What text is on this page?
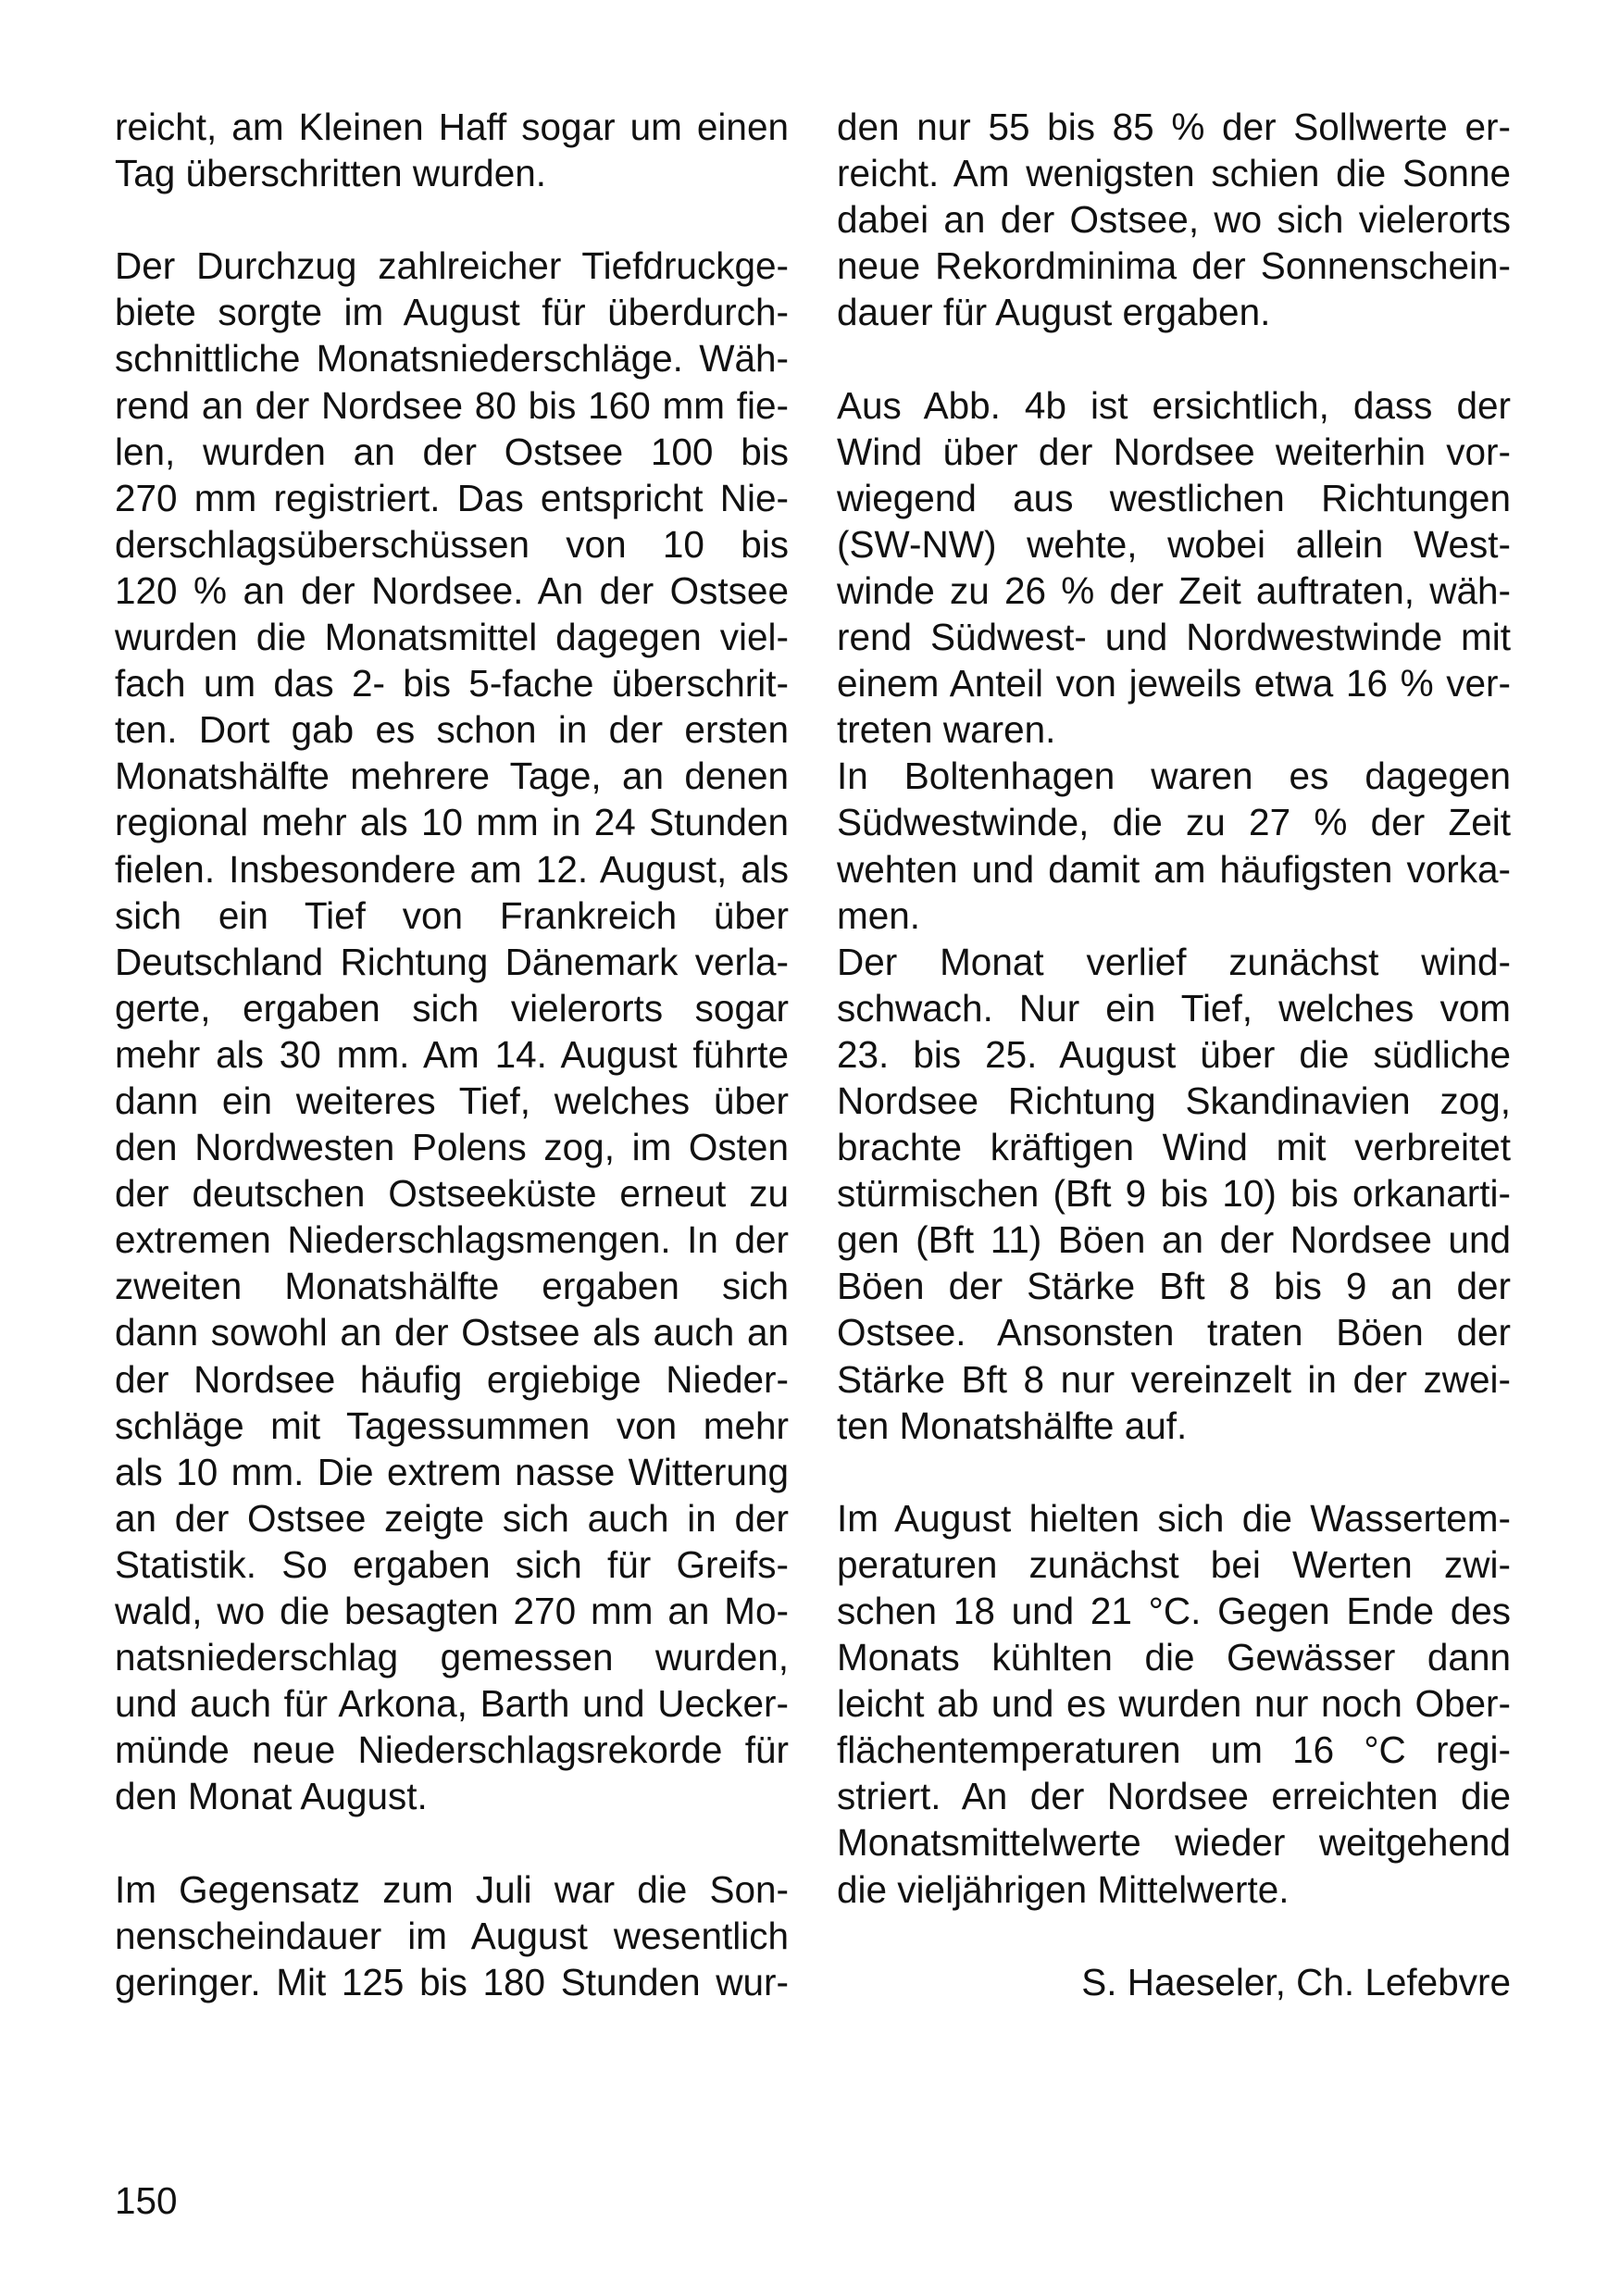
reicht, am Kleinen Haff sogar um einen
Tag überschritten wurden.
Der Durchzug zahlreicher Tiefdruckge-
biete sorgte im August für überdurch-
schnittliche Monatsniederschläge. Wäh-
rend an der Nordsee 80 bis 160 mm fie-
len, wurden an der Ostsee 100 bis
270 mm registriert. Das entspricht Nie-
derschlagsüberschüssen von 10 bis
120 % an der Nordsee. An der Ostsee
wurden die Monatsmittel dagegen viel-
fach um das 2- bis 5-fache überschrit-
ten. Dort gab es schon in der ersten
Monatshälfte mehrere Tage, an denen
regional mehr als 10 mm in 24 Stunden
fielen. Insbesondere am 12. August, als
sich ein Tief von Frankreich über
Deutschland Richtung Dänemark verla-
gerte, ergaben sich vielerorts sogar
mehr als 30 mm. Am 14. August führte
dann ein weiteres Tief, welches über
den Nordwesten Polens zog, im Osten
der deutschen Ostseeküste erneut zu
extremen Niederschlagsmengen. In der
zweiten Monatshälfte ergaben sich
dann sowohl an der Ostsee als auch an
der Nordsee häufig ergiebige Nieder-
schläge mit Tagessummen von mehr
als 10 mm. Die extrem nasse Witterung
an der Ostsee zeigte sich auch in der
Statistik. So ergaben sich für Greifs-
wald, wo die besagten 270 mm an Mo-
natsniederschlag gemessen wurden,
und auch für Arkona, Barth und Uecker-
münde neue Niederschlagsrekorde für
den Monat August.
Im Gegensatz zum Juli war die Son-
nenscheindauer im August wesentlich
geringer. Mit 125 bis 180 Stunden wur-
den nur 55 bis 85 % der Sollwerte er-
reicht. Am wenigsten schien die Sonne
dabei an der Ostsee, wo sich vielerorts
neue Rekordminima der Sonnenschein-
dauer für August ergaben.
Aus Abb. 4b ist ersichtlich, dass der
Wind über der Nordsee weiterhin vor-
wiegend aus westlichen Richtungen
(SW-NW) wehte, wobei allein West-
winde zu 26 % der Zeit auftraten, wäh-
rend Südwest- und Nordwestwinde mit
einem Anteil von jeweils etwa 16 % ver-
treten waren.
In Boltenhagen waren es dagegen
Südwestwinde, die zu 27 % der Zeit
wehten und damit am häufigsten vorka-
men.
Der Monat verlief zunächst wind-
schwach. Nur ein Tief, welches vom
23. bis 25. August über die südliche
Nordsee Richtung Skandinavien zog,
brachte kräftigen Wind mit verbreitet
stürmischen (Bft 9 bis 10) bis orkanarti-
gen (Bft 11) Böen an der Nordsee und
Böen der Stärke Bft 8 bis 9 an der
Ostsee. Ansonsten traten Böen der
Stärke Bft 8 nur vereinzelt in der zwei-
ten Monatshälfte auf.
Im August hielten sich die Wassertem-
peraturen zunächst bei Werten zwi-
schen 18 und 21 °C. Gegen Ende des
Monats kühlten die Gewässer dann
leicht ab und es wurden nur noch Ober-
flächentemperaturen um 16 °C regi-
striert. An der Nordsee erreichten die
Monatsmittelwerte wieder weitgehend
die vieljährigen Mittelwerte.
S. Haeseler, Ch. Lefebvre
150
